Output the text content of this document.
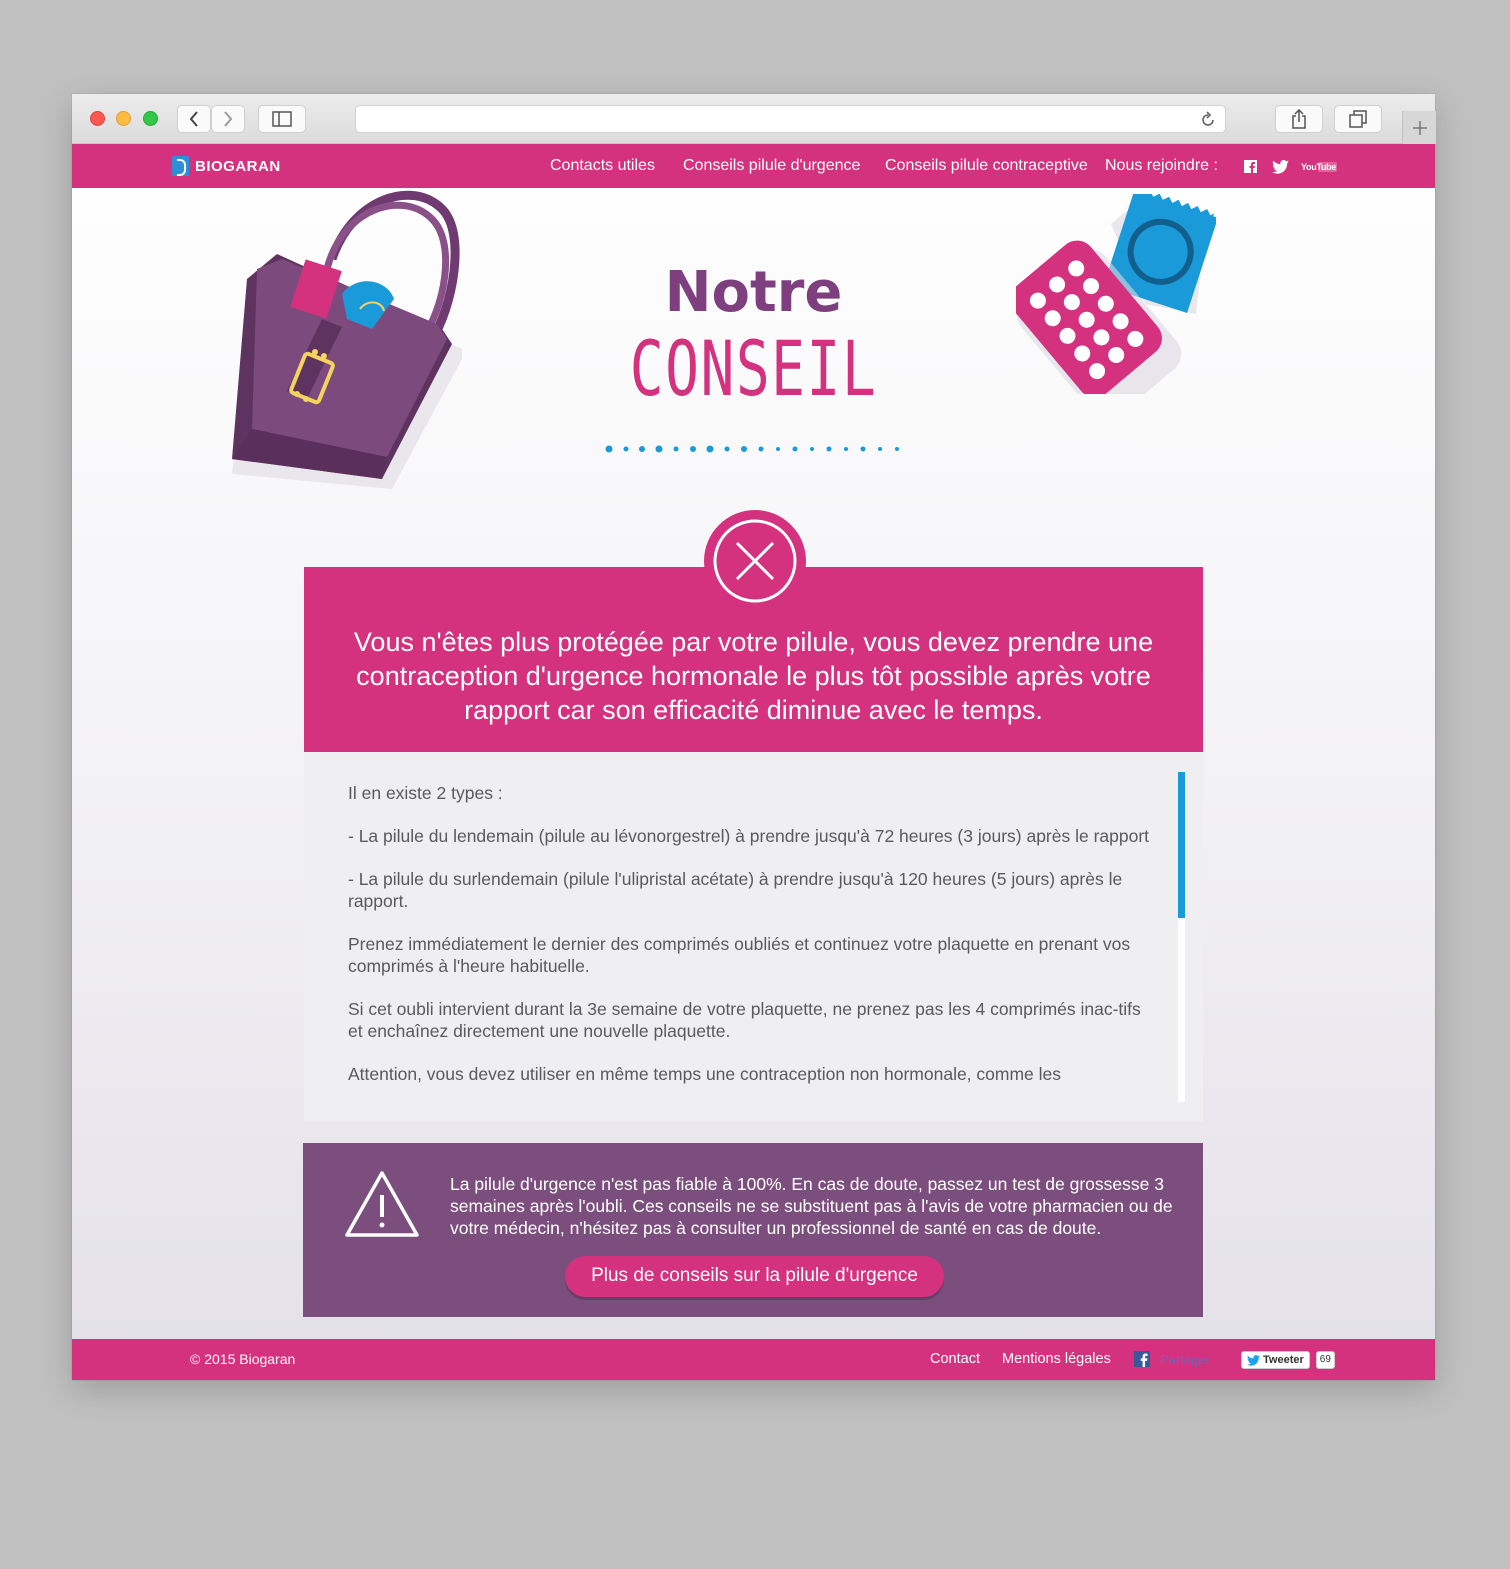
BIOGARAN	Contacts utiles Conseils pilule d'urgence Conseils pilule contraceptive Nous rejoindre :	YouTube
Notre
CONSEIL

Vous n'êtes plus protégée par votre pilule, vous devez prendre une contraception d'urgence hormonale le plus tôt possible après votre rapport car son efficacité diminue avec le temps.

Il en existe 2 types :

- La pilule du lendemain (pilule au lévonorgestrel) à prendre jusqu'à 72 heures (3 jours) après le rapport

- La pilule du surlendemain (pilule l'ulipristal acétate) à prendre jusqu'à 120 heures (5 jours) après le rapport.

Prenez immédiatement le dernier des comprimés oubliés et continuez votre plaquette en prenant vos comprimés à l'heure habituelle.

Si cet oubli intervient durant la 3e semaine de votre plaquette, ne prenez pas les 4 comprimés inac-tifs et enchaînez directement une nouvelle plaquette.

Attention, vous devez utiliser en même temps une contraception non hormonale, comme les

La pilule d'urgence n'est pas fiable à 100%. En cas de doute, passez un test de grossesse 3 semaines après l'oubli. Ces conseils ne se substituent pas à l'avis de votre pharmacien ou de votre médecin, n'hésitez pas à consulter un professionnel de santé en cas de doute.

Plus de conseils sur la pilule d'urgence
© 2015 Biogaran	Contact Mentions légales	Partager	Tweeter	69
